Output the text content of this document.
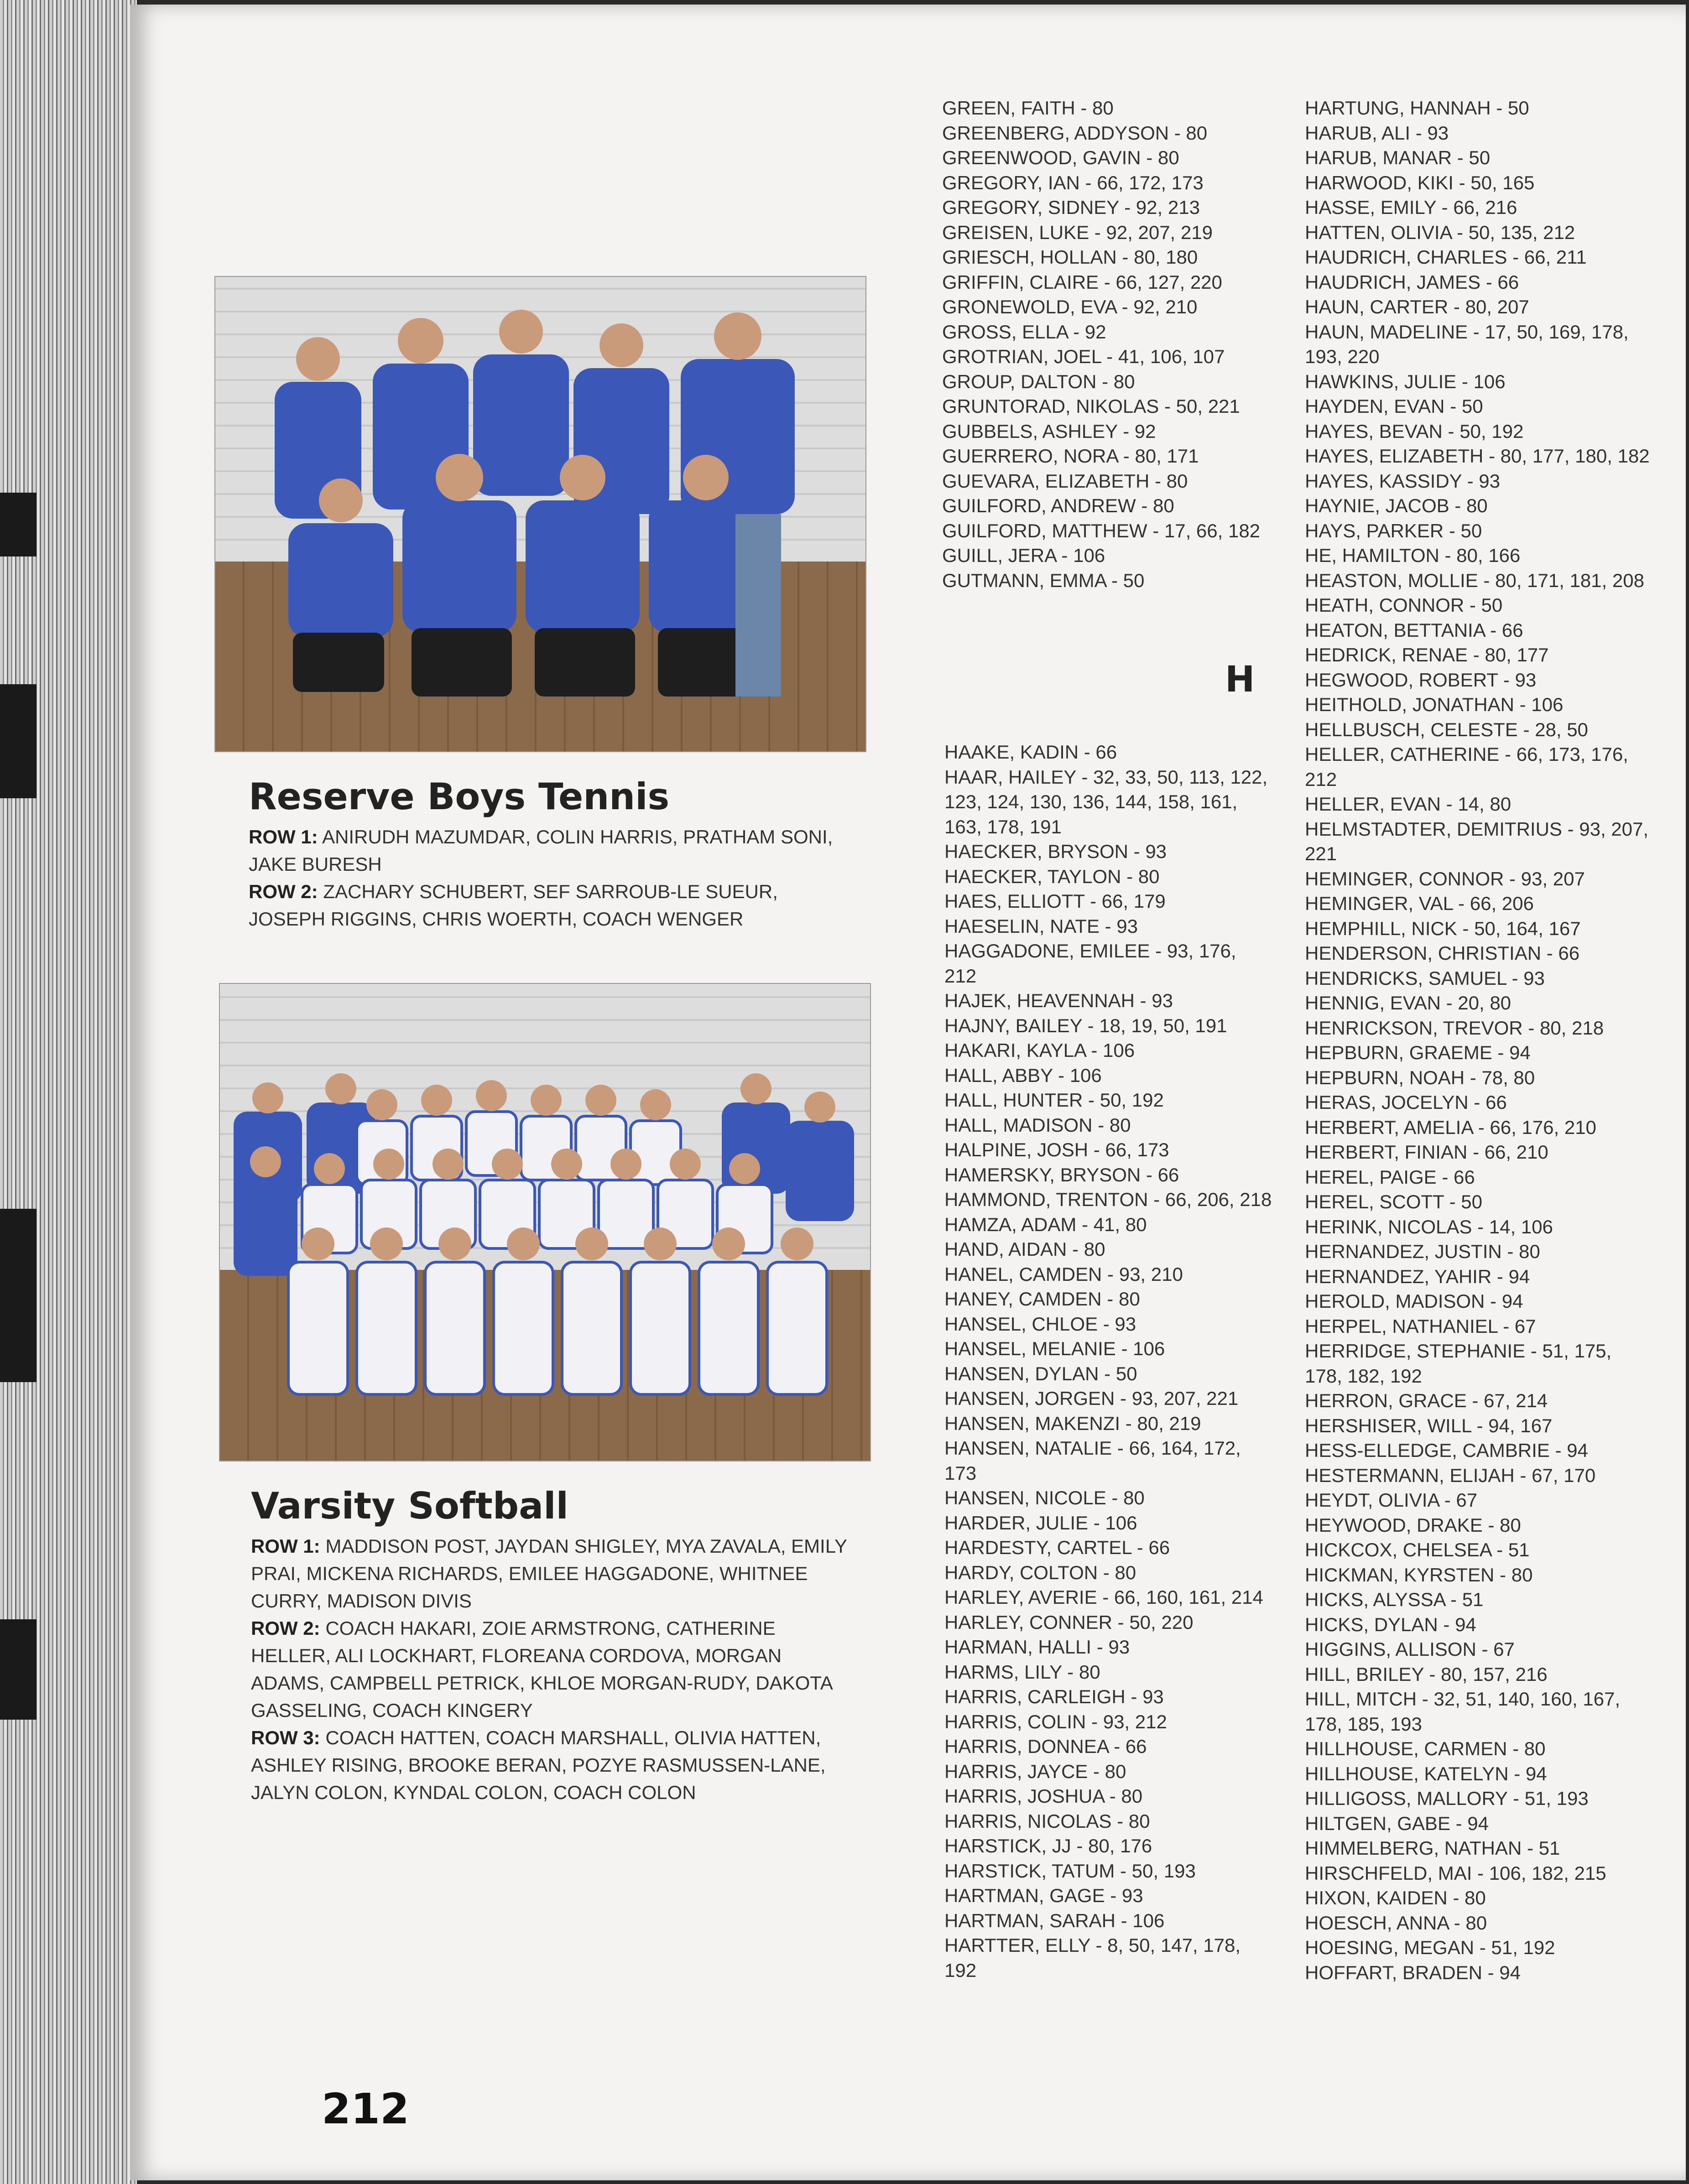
Reserve Boys Tennis
ROW 1: ANIRUDH MAZUMDAR, COLIN HARRIS, PRATHAM SONI, JAKE BURESH
ROW 2: ZACHARY SCHUBERT, SEF SARROUB-LE SUEUR, JOSEPH RIGGINS, CHRIS WOERTH, COACH WENGER
Varsity Softball
ROW 1: MADDISON POST, JAYDAN SHIGLEY, MYA ZAVALA, EMILY PRAI, MICKENA RICHARDS, EMILEE HAGGADONE, WHITNEE CURRY, MADISON DIVIS
ROW 2: COACH HAKARI, ZOIE ARMSTRONG, CATHERINE HELLER, ALI LOCKHART, FLOREANA CORDOVA, MORGAN ADAMS, CAMPBELL PETRICK, KHLOE MORGAN-RUDY, DAKOTA GASSELING, COACH KINGERY
ROW 3: COACH HATTEN, COACH MARSHALL, OLIVIA HATTEN, ASHLEY RISING, BROOKE BERAN, POZYE RASMUSSEN-LANE, JALYN COLON, KYNDAL COLON, COACH COLON
GREEN, FAITH - 80
GREENBERG, ADDYSON - 80
GREENWOOD, GAVIN - 80
GREGORY, IAN - 66, 172, 173
GREGORY, SIDNEY - 92, 213
GREISEN, LUKE - 92, 207, 219
GRIESCH, HOLLAN - 80, 180
GRIFFIN, CLAIRE - 66, 127, 220
GRONEWOLD, EVA - 92, 210
GROSS, ELLA - 92
GROTRIAN, JOEL - 41, 106, 107
GROUP, DALTON - 80
GRUNTORAD, NIKOLAS - 50, 221
GUBBELS, ASHLEY - 92
GUERRERO, NORA - 80, 171
GUEVARA, ELIZABETH - 80
GUILFORD, ANDREW - 80
GUILFORD, MATTHEW - 17, 66, 182
GUILL, JERA - 106
GUTMANN, EMMA - 50
H
HAAKE, KADIN - 66
HAAR, HAILEY - 32, 33, 50, 113, 122, 123, 124, 130, 136, 144, 158, 161, 163, 178, 191
HAECKER, BRYSON - 93
HAECKER, TAYLON - 80
HAES, ELLIOTT - 66, 179
HAESELIN, NATE - 93
HAGGADONE, EMILEE - 93, 176, 212
HAJEK, HEAVENNAH - 93
HAJNY, BAILEY - 18, 19, 50, 191
HAKARI, KAYLA - 106
HALL, ABBY - 106
HALL, HUNTER - 50, 192
HALL, MADISON - 80
HALPINE, JOSH - 66, 173
HAMERSKY, BRYSON - 66
HAMMOND, TRENTON - 66, 206, 218
HAMZA, ADAM - 41, 80
HAND, AIDAN - 80
HANEL, CAMDEN - 93, 210
HANEY, CAMDEN - 80
HANSEL, CHLOE - 93
HANSEL, MELANIE - 106
HANSEN, DYLAN - 50
HANSEN, JORGEN - 93, 207, 221
HANSEN, MAKENZI - 80, 219
HANSEN, NATALIE - 66, 164, 172, 173
HANSEN, NICOLE - 80
HARDER, JULIE - 106
HARDESTY, CARTEL - 66
HARDY, COLTON - 80
HARLEY, AVERIE - 66, 160, 161, 214
HARLEY, CONNER - 50, 220
HARMAN, HALLI - 93
HARMS, LILY - 80
HARRIS, CARLEIGH - 93
HARRIS, COLIN - 93, 212
HARRIS, DONNEA - 66
HARRIS, JAYCE - 80
HARRIS, JOSHUA - 80
HARRIS, NICOLAS - 80
HARSTICK, JJ - 80, 176
HARSTICK, TATUM - 50, 193
HARTMAN, GAGE - 93
HARTMAN, SARAH - 106
HARTTER, ELLY - 8, 50, 147, 178, 192
HARTUNG, HANNAH - 50
HARUB, ALI - 93
HARUB, MANAR - 50
HARWOOD, KIKI - 50, 165
HASSE, EMILY - 66, 216
HATTEN, OLIVIA - 50, 135, 212
HAUDRICH, CHARLES - 66, 211
HAUDRICH, JAMES - 66
HAUN, CARTER - 80, 207
HAUN, MADELINE - 17, 50, 169, 178, 193, 220
HAWKINS, JULIE - 106
HAYDEN, EVAN - 50
HAYES, BEVAN - 50, 192
HAYES, ELIZABETH - 80, 177, 180, 182
HAYES, KASSIDY - 93
HAYNIE, JACOB - 80
HAYS, PARKER - 50
HE, HAMILTON - 80, 166
HEASTON, MOLLIE - 80, 171, 181, 208
HEATH, CONNOR - 50
HEATON, BETTANIA - 66
HEDRICK, RENAE - 80, 177
HEGWOOD, ROBERT - 93
HEITHOLD, JONATHAN - 106
HELLBUSCH, CELESTE - 28, 50
HELLER, CATHERINE - 66, 173, 176, 212
HELLER, EVAN - 14, 80
HELMSTADTER, DEMITRIUS - 93, 207, 221
HEMINGER, CONNOR - 93, 207
HEMINGER, VAL - 66, 206
HEMPHILL, NICK - 50, 164, 167
HENDERSON, CHRISTIAN - 66
HENDRICKS, SAMUEL - 93
HENNIG, EVAN - 20, 80
HENRICKSON, TREVOR - 80, 218
HEPBURN, GRAEME - 94
HEPBURN, NOAH - 78, 80
HERAS, JOCELYN - 66
HERBERT, AMELIA - 66, 176, 210
HERBERT, FINIAN - 66, 210
HEREL, PAIGE - 66
HEREL, SCOTT - 50
HERINK, NICOLAS - 14, 106
HERNANDEZ, JUSTIN - 80
HERNANDEZ, YAHIR - 94
HEROLD, MADISON - 94
HERPEL, NATHANIEL - 67
HERRIDGE, STEPHANIE - 51, 175, 178, 182, 192
HERRON, GRACE - 67, 214
HERSHISER, WILL - 94, 167
HESS-ELLEDGE, CAMBRIE - 94
HESTERMANN, ELIJAH - 67, 170
HEYDT, OLIVIA - 67
HEYWOOD, DRAKE - 80
HICKCOX, CHELSEA - 51
HICKMAN, KYRSTEN - 80
HICKS, ALYSSA - 51
HICKS, DYLAN - 94
HIGGINS, ALLISON - 67
HILL, BRILEY - 80, 157, 216
HILL, MITCH - 32, 51, 140, 160, 167, 178, 185, 193
HILLHOUSE, CARMEN - 80
HILLHOUSE, KATELYN - 94
HILLIGOSS, MALLORY - 51, 193
HILTGEN, GABE - 94
HIMMELBERG, NATHAN - 51
HIRSCHFELD, MAI - 106, 182, 215
HIXON, KAIDEN - 80
HOESCH, ANNA - 80
HOESING, MEGAN - 51, 192
HOFFART, BRADEN - 94
212
